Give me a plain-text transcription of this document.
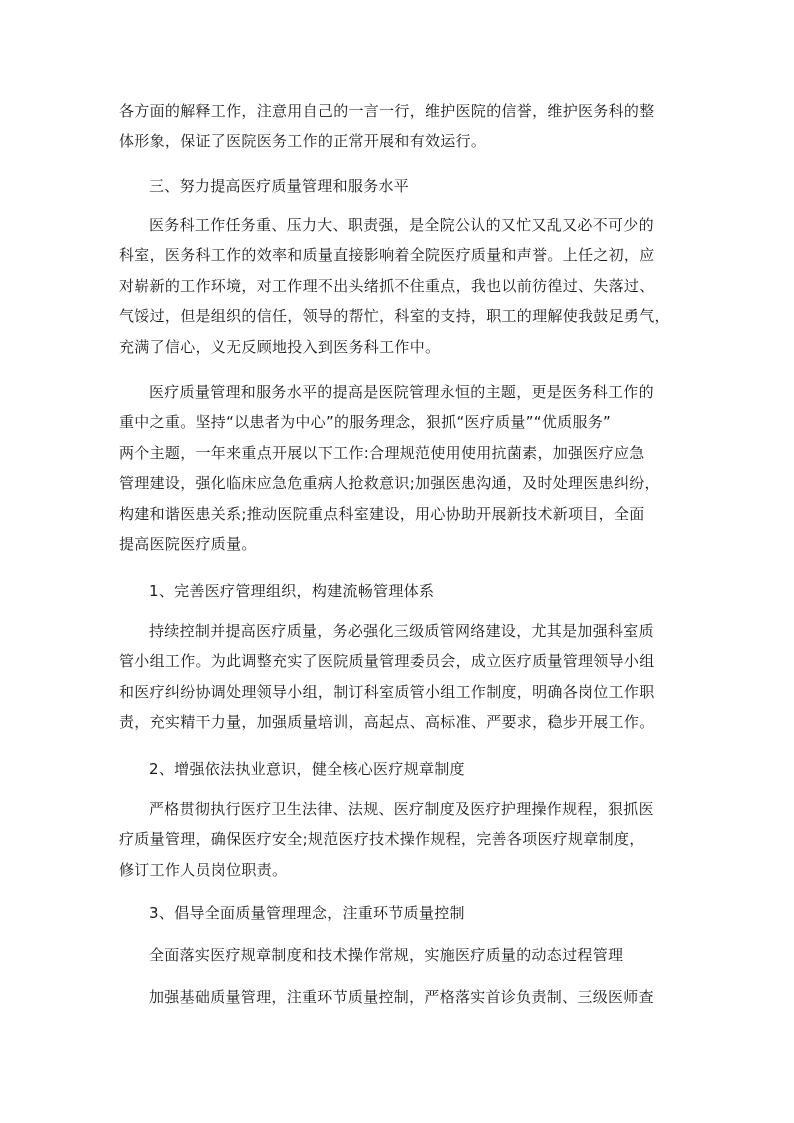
各方面的解释工作，注意用自己的一言一行，维护医院的信誉，维护医务科的整
体形象，保证了医院医务工作的正常开展和有效运行。

三、努力提高医疗质量管理和服务水平

医务科工作任务重、压力大、职责强，是全院公认的又忙又乱又必不可少的
科室，医务科工作的效率和质量直接影响着全院医疗质量和声誉。上任之初，应
对崭新的工作环境，对工作理不出头绪抓不住重点，我也以前彷徨过、失落过、
气馁过，但是组织的信任，领导的帮忙，科室的支持，职工的理解使我鼓足勇气，
充满了信心，义无反顾地投入到医务科工作中。

医疗质量管理和服务水平的提高是医院管理永恒的主题，更是医务科工作的
重中之重。坚持“以患者为中心”的服务理念，狠抓“医疗质量”“优质服务”
两个主题，一年来重点开展以下工作:合理规范使用使用抗菌素，加强医疗应急
管理建设，强化临床应急危重病人抢救意识;加强医患沟通，及时处理医患纠纷，
构建和谐医患关系;推动医院重点科室建设，用心协助开展新技术新项目，全面
提高医院医疗质量。

1、完善医疗管理组织，构建流畅管理体系

持续控制并提高医疗质量，务必强化三级质管网络建设，尤其是加强科室质
管小组工作。为此调整充实了医院质量管理委员会，成立医疗质量管理领导小组
和医疗纠纷协调处理领导小组，制订科室质管小组工作制度，明确各岗位工作职
责，充实精干力量，加强质量培训，高起点、高标准、严要求，稳步开展工作。

2、增强依法执业意识，健全核心医疗规章制度

严格贯彻执行医疗卫生法律、法规、医疗制度及医疗护理操作规程，狠抓医
疗质量管理，确保医疗安全;规范医疗技术操作规程，完善各项医疗规章制度，
修订工作人员岗位职责。

3、倡导全面质量管理理念，注重环节质量控制

全面落实医疗规章制度和技术操作常规，实施医疗质量的动态过程管理

加强基础质量管理，注重环节质量控制，严格落实首诊负责制、三级医师查
